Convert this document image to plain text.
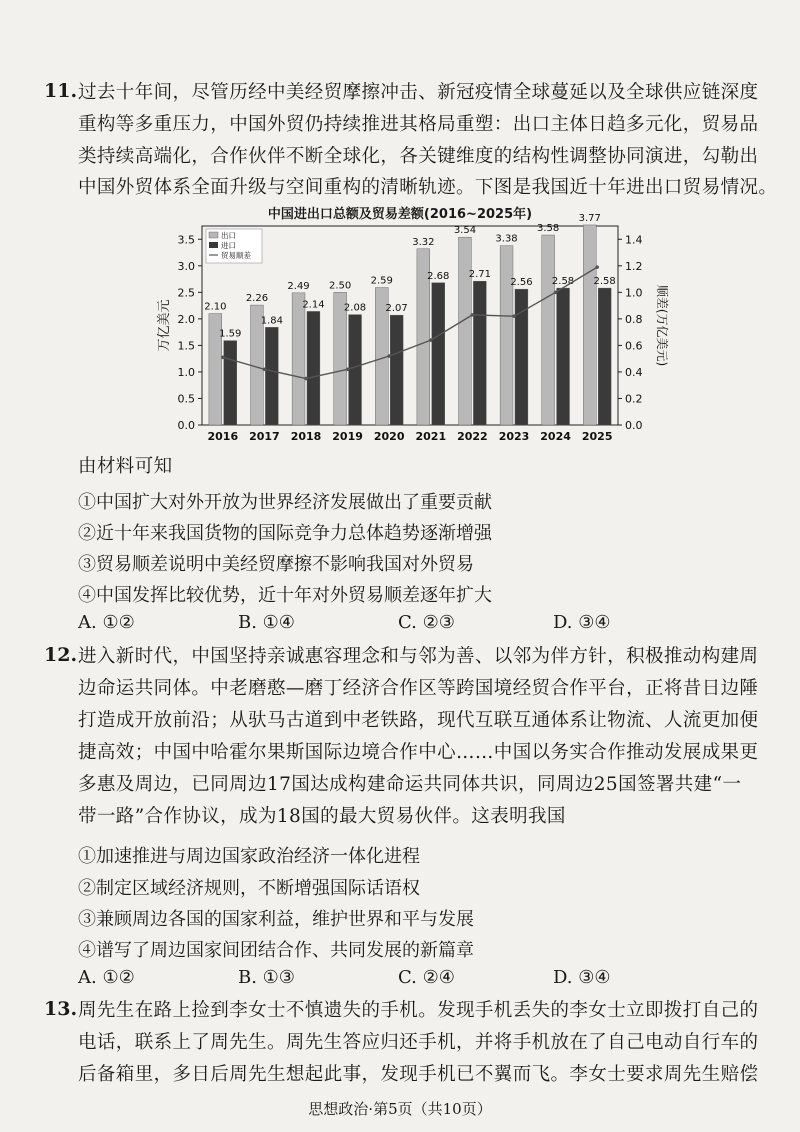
11. 过去十年间，尽管历经中美经贸摩擦冲击、新冠疫情全球蔓延以及全球供应链深度
重构等多重压力，中国外贸仍持续推进其格局重塑：出口主体日趋多元化，贸易品
类持续高端化，合作伙伴不断全球化，各关键维度的结构性调整协同演进，勾勒出
中国外贸体系全面升级与空间重构的清晰轨迹。下图是我国近十年进出口贸易情况。
中国进出口总额及贸易差额(2016~2025年)
0.0
0.5
1.0
1.5
2.0
2.5
3.0
3.5
0.0
0.2
0.4
0.6
0.8
1.0
1.2
1.4
万亿美元	顺差(万亿美元)
2016 2017 2018 2019 2020 2021 2022 2023 2024 2025
2.10
1.59
2.26
1.84
2.49
2.14
2.50
2.08
2.59
2.07
3.32
2.68
3.54
2.71
3.38
2.56
3.58
2.58
3.77
2.58
出口
进口
贸易顺差
由材料可知
①中国扩大对外开放为世界经济发展做出了重要贡献
②近十年来我国货物的国际竞争力总体趋势逐渐增强
③贸易顺差说明中美经贸摩擦不影响我国对外贸易
④中国发挥比较优势，近十年对外贸易顺差逐年扩大
A. ①②	B. ①④	C. ②③	D. ③④
12. 进入新时代，中国坚持亲诚惠容理念和与邻为善、以邻为伴方针，积极推动构建周
边命运共同体。中老磨憨—磨丁经济合作区等跨国境经贸合作平台，正将昔日边陲
打造成开放前沿；从驮马古道到中老铁路，现代互联互通体系让物流、人流更加便
捷高效；中国中哈霍尔果斯国际边境合作中心……中国以务实合作推动发展成果更
多惠及周边，已同周边17国达成构建命运共同体共识，同周边25国签署共建“一
带一路”合作协议，成为18国的最大贸易伙伴。这表明我国
①加速推进与周边国家政治经济一体化进程
②制定区域经济规则，不断增强国际话语权
③兼顾周边各国的国家利益，维护世界和平与发展
④谱写了周边国家间团结合作、共同发展的新篇章
A. ①②	B. ①③	C. ②④	D. ③④
13. 周先生在路上捡到李女士不慎遗失的手机。发现手机丢失的李女士立即拨打自己的
电话，联系上了周先生。周先生答应归还手机，并将手机放在了自己电动自行车的
后备箱里，多日后周先生想起此事，发现手机已不翼而飞。李女士要求周先生赔偿
思想政治·第5页（共10页）
